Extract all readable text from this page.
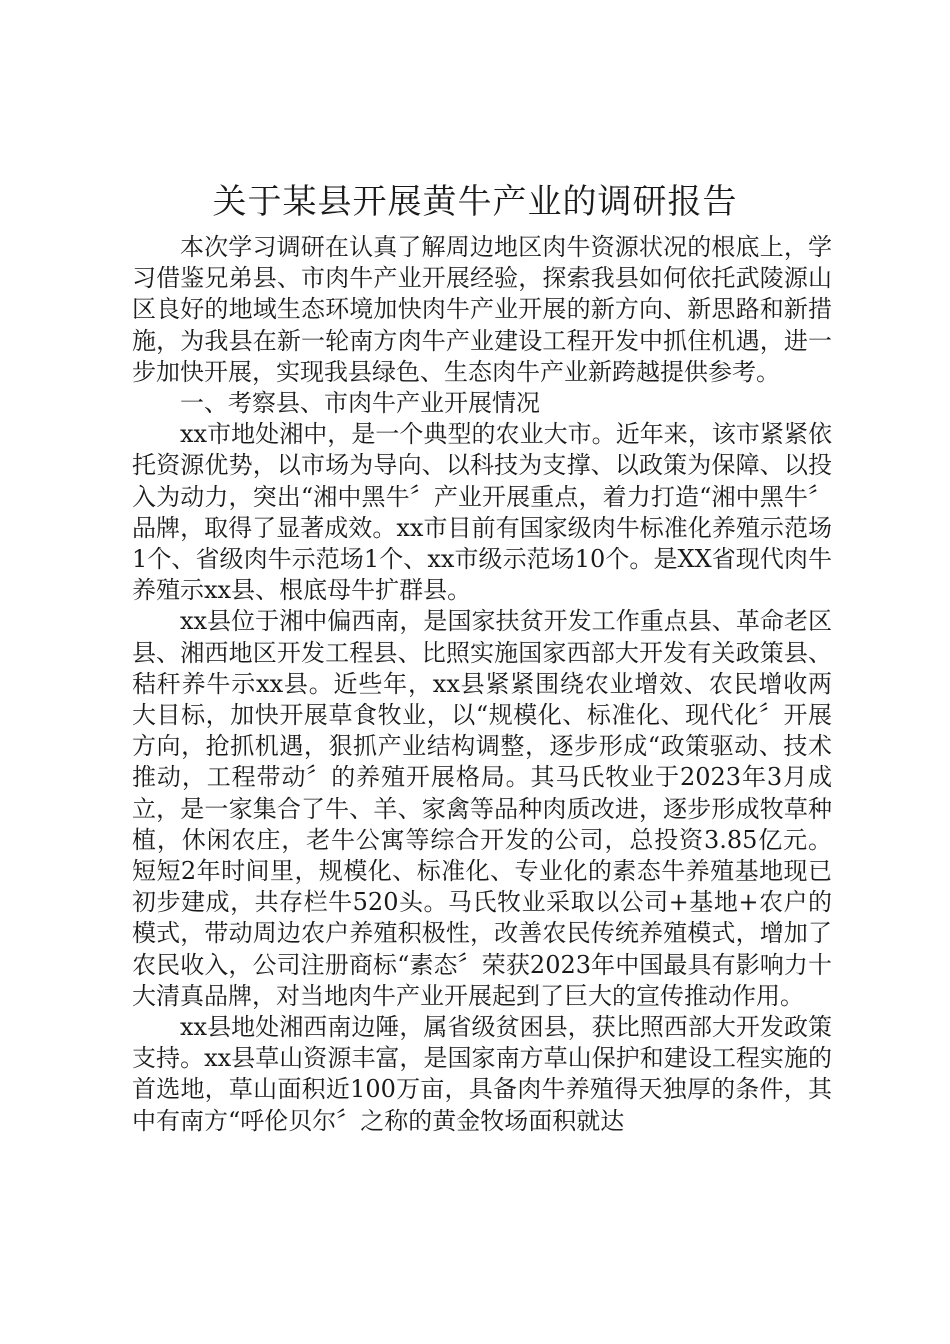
关于某县开展黄牛产业的调研报告

本次学习调研在认真了解周边地区肉牛资源状况的根底上，学习借鉴兄弟县、市肉牛产业开展经验，探索我县如何依托武陵源山区良好的地域生态环境加快肉牛产业开展的新方向、新思路和新措施，为我县在新一轮南方肉牛产业建设工程开发中抓住机遇，进一步加快开展，实现我县绿色、生态肉牛产业新跨越提供参考。

一、考察县、市肉牛产业开展情况

xx市地处湘中，是一个典型的农业大市。近年来，该市紧紧依托资源优势，以市场为导向、以科技为支撑、以政策为保障、以投入为动力，突出“湘中黑牛〞产业开展重点，着力打造“湘中黑牛〞品牌，取得了显著成效。xx市目前有国家级肉牛标准化养殖示范场1个、省级肉牛示范场1个、xx市级示范场10个。是XX省现代肉牛养殖示xx县、根底母牛扩群县。

xx县位于湘中偏西南，是国家扶贫开发工作重点县、革命老区县、湘西地区开发工程县、比照实施国家西部大开发有关政策县、秸秆养牛示xx县。近些年，xx县紧紧围绕农业增效、农民增收两大目标，加快开展草食牧业，以“规模化、标准化、现代化〞开展方向，抢抓机遇，狠抓产业结构调整，逐步形成“政策驱动、技术推动，工程带动〞的养殖开展格局。其马氏牧业于2023年3月成立，是一家集合了牛、羊、家禽等品种肉质改进，逐步形成牧草种植，休闲农庄，老牛公寓等综合开发的公司，总投资3.85亿元。短短2年时间里，规模化、标准化、专业化的素态牛养殖基地现已初步建成，共存栏牛520头。马氏牧业采取以公司+基地+农户的模式，带动周边农户养殖积极性，改善农民传统养殖模式，增加了农民收入，公司注册商标“素态〞荣获2023年中国最具有影响力十大清真品牌，对当地肉牛产业开展起到了巨大的宣传推动作用。

xx县地处湘西南边陲，属省级贫困县，获比照西部大开发政策支持。xx县草山资源丰富，是国家南方草山保护和建设工程实施的首选地，草山面积近100万亩，具备肉牛养殖得天独厚的条件，其中有南方“呼伦贝尔〞之称的黄金牧场面积就达
